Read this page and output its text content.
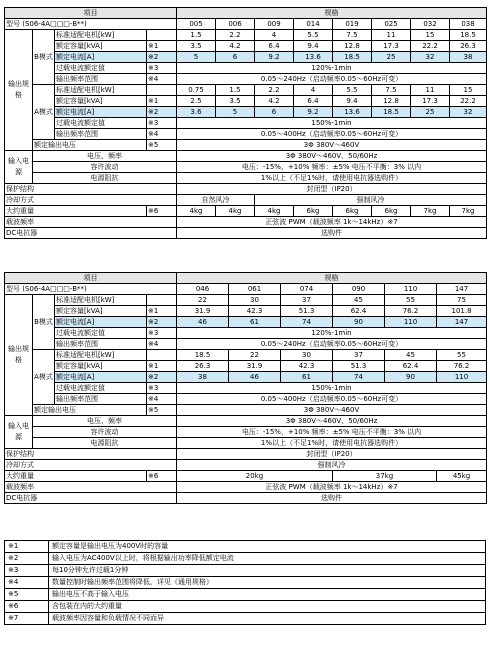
项目				规格							
型号 (S06-4A□□□-B**)				005	006	009	014	019	025	032	038
输出规格	B模式	标准适配电机[kW]		1.5	2.2	4	5.5	7.5	11	15	18.5
		额定容量[kVA]	※1	3.5	4.2	6.4	9.4	12.8	17.3	22.2	26.3
		额定电流[A]	※2	5	6	9.2	13.6	18.5	25	32	38
		过载电流额定值	※3	120%-1min							
		输出频率范围	※4	0.05～240Hz（启动频率0.05～60Hz可变）							
	A模式	标准适配电机[kW]		0.75	1.5	2.2	4	5.5	7.5	11	15
		额定容量[kVA]	※1	2.5	3.5	4.2	6.4	9.4	12.8	17.3	22.2
		额定电流[A]	※2	3.6	5	6	9.2	13.6	18.5	25	32
		过载电流额定值	※3	150%-1min							
		输出频率范围	※4	0.05～400Hz（启动频率0.05～60Hz可变）							
	额定输出电压		※5	3Φ 380V～460V							
输入电源	电压、频率			3Φ 380V～460V、50/60Hz							
	容许波动			电压：-15%，+10% 频率：±5% 电压不平衡：3% 以内							
	电源阻抗			1%以上（不足1%时，请使用电抗器选购件）							
保护结构				封闭型（IP20）							
冷却方式				自然风冷		强制风冷					
大约重量			※6	4kg	4kg	4kg	6kg	6kg	6kg	7kg	7kg
载波频率				正弦波 PWM（载波频率 1k～14kHz）※7							
DC电抗器				选购件							
项目				规格					
型号 (S06-4A□□□-B**)				046	061	074	090	110	147
输出规格	B模式	标准适配电机[kW]		22	30	37	45	55	75
		额定容量[kVA]	※1	31.9	42.3	51.3	62.4	76.2	101.8
		额定电流[A]	※2	46	61	74	90	110	147
		过载电流额定值	※3	120%-1min					
		输出频率范围	※4	0.05～240Hz（启动频率0.05～60Hz可变）					
	A模式	标准适配电机[kW]		18.5	22	30	37	45	55
		额定容量[kVA]	※1	26.3	31.9	42.3	51.3	62.4	76.2
		额定电流[A]	※2	38	46	61	74	90	110
		过载电流额定值	※3	150%-1min					
		输出频率范围	※4	0.05～400Hz（启动频率0.05～60Hz可变）					
	额定输出电压		※5	3Φ 380V～460V					
输入电源	电压、频率			3Φ 380V～460V、50/60Hz					
	容许波动			电压：-15%，+10% 频率：±5% 电压不平衡：3% 以内					
	电源阻抗			1%以上（不足1%时，请使用电抗器选购件）					
保护结构				封闭型（IP20）					
冷却方式				强制风冷					
大约重量			※6	20kg			37kg		45kg
载波频率				正弦波 PWM（载波频率 1k～14kHz）※7					
DC电抗器				选购件					
※1	额定容量是输出电压为400V时的容量
※2	输入电压为AC400V以上时，将根据输出功率降低额定电流
※3	每10分钟允许过载1分钟
※4	数量控制时输出频率范围将降低，详见《通用规格》
※5	输出电压不高于输入电压
※6	含包装在内的大约重量
※7	载波频率因容量和负载情况不同而异
